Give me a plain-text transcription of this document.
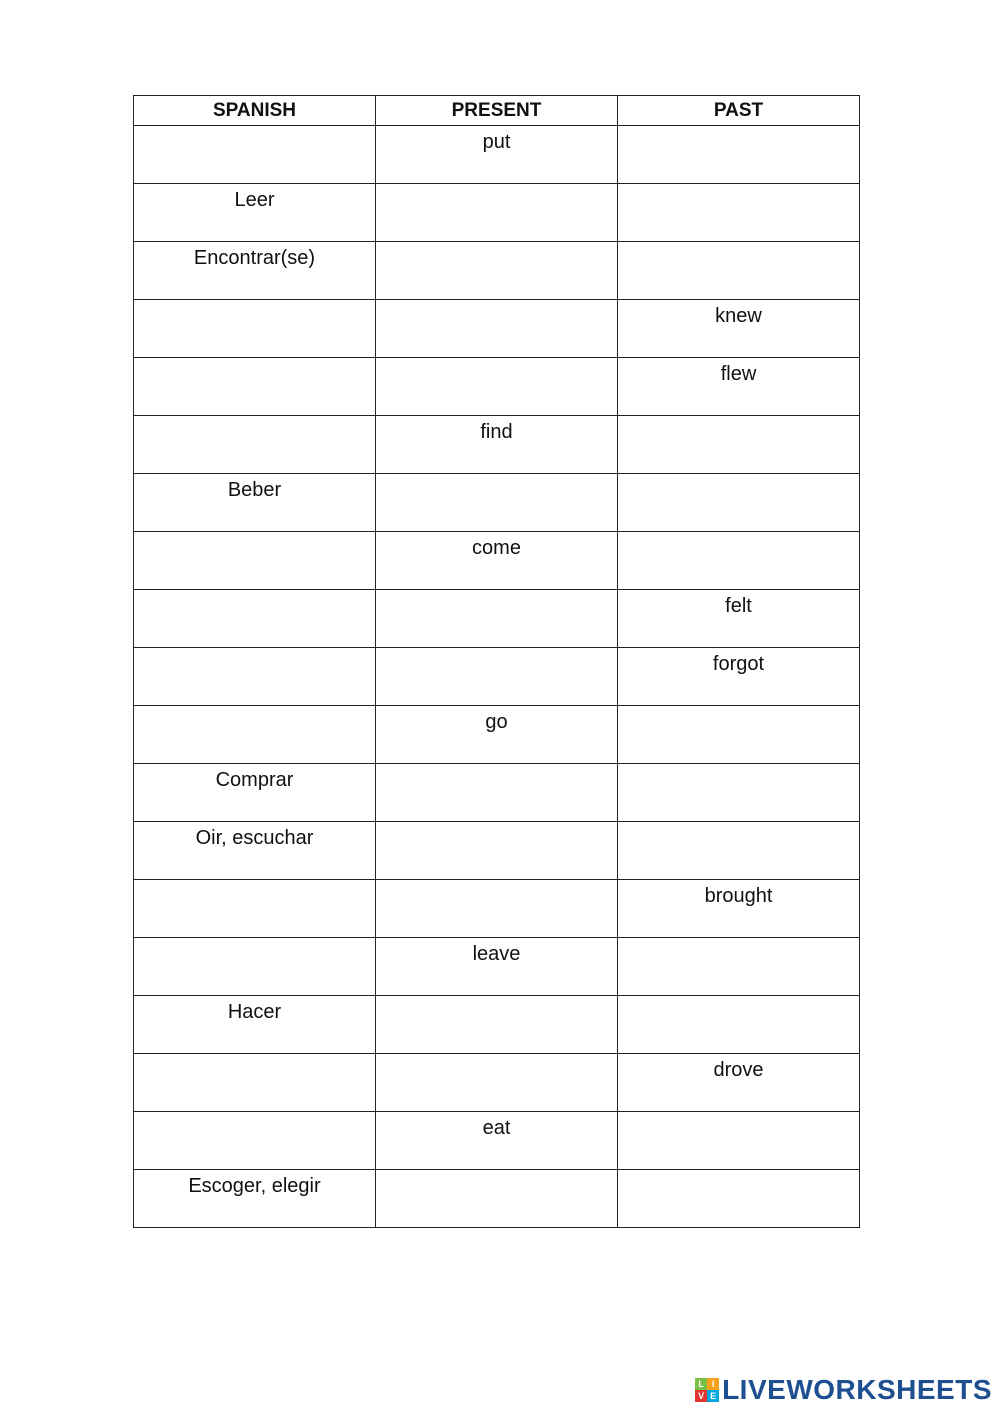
SPANISH	PRESENT	PAST
	put	
Leer		
Encontrar(se)		
		knew
		flew
	find	
Beber		
	come	
		felt
		forgot
	go	
Comprar		
Oir, escuchar		
		brought
	leave	
Hacer		
		drove
	eat	
Escoger, elegir		
L I
V E LIVEWORKSHEETS
